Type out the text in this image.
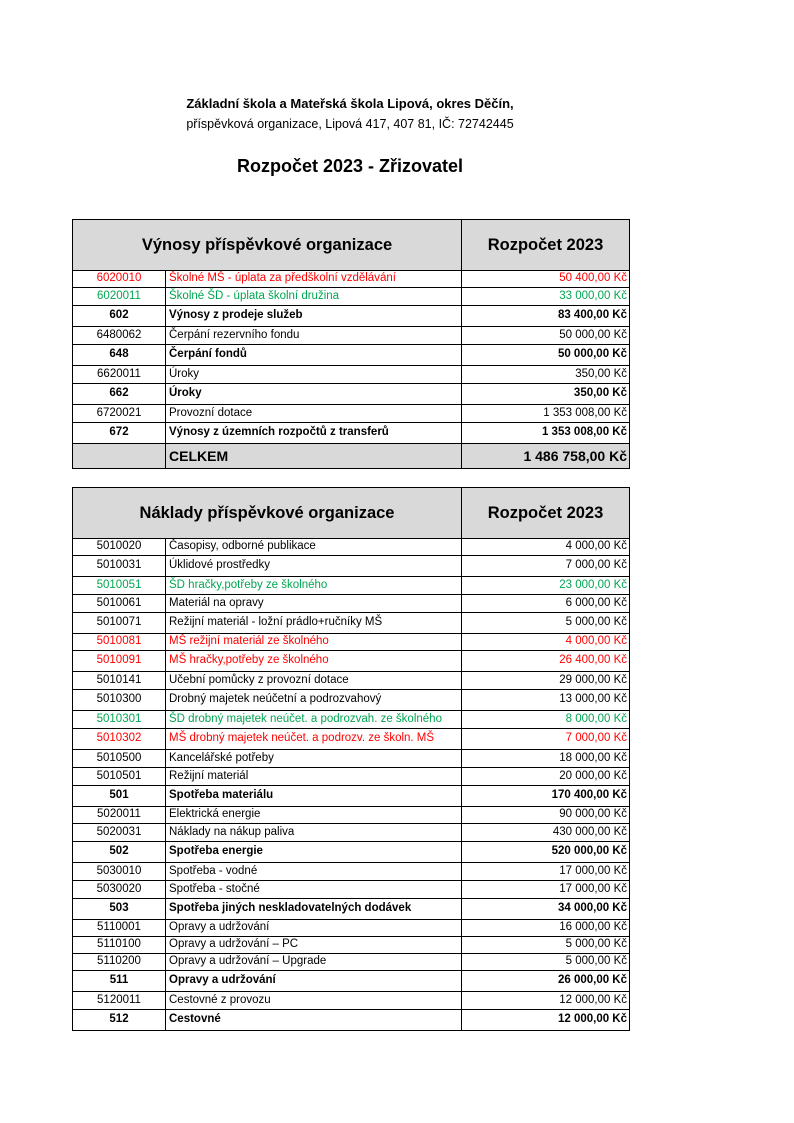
Základní škola a Mateřská škola Lipová, okres Děčín,
příspěvková organizace, Lipová 417, 407 81, IČ: 72742445
Rozpočet 2023 - Zřizovatel
Výnosy příspěvkové organizace		Rozpočet 2023
6020010	Školné MŠ - úplata za předškolní vzdělávání	50 400,00 Kč
6020011	Školné ŠD - úplata školní družina	33 000,00 Kč
602	Výnosy z prodeje služeb	83 400,00 Kč
6480062	Čerpání rezervního fondu	50 000,00 Kč
648	Čerpání fondů	50 000,00 Kč
6620011	Úroky	350,00 Kč
662	Úroky	350,00 Kč
6720021	Provozní dotace	1 353 008,00 Kč
672	Výnosy z územních rozpočtů z transferů	1 353 008,00 Kč
	CELKEM	1 486 758,00 Kč
Náklady příspěvkové organizace		Rozpočet 2023
5010020	Časopisy, odborné publikace	4 000,00 Kč
5010031	Úklidové prostředky	7 000,00 Kč
5010051	ŠD hračky,potřeby ze školného	23 000,00 Kč
5010061	Materiál na opravy	6 000,00 Kč
5010071	Režijní materiál - ložní prádlo+ručníky MŠ	5 000,00 Kč
5010081	MŠ režijní materiál ze školného	4 000,00 Kč
5010091	MŠ hračky,potřeby ze školného	26 400,00 Kč
5010141	Učební pomůcky z provozní dotace	29 000,00 Kč
5010300	Drobný majetek neúčetní a podrozvahový	13 000,00 Kč
5010301	ŠD drobný majetek neúčet. a podrozvah. ze školného	8 000,00 Kč
5010302	MŠ drobný majetek neúčet. a podrozv. ze školn. MŠ	7 000,00 Kč
5010500	Kancelářské potřeby	18 000,00 Kč
5010501	Režijní materiál	20 000,00 Kč
501	Spotřeba materiálu	170 400,00 Kč
5020011	Elektrická energie	90 000,00 Kč
5020031	Náklady na nákup paliva	430 000,00 Kč
502	Spotřeba energie	520 000,00 Kč
5030010	Spotřeba - vodné	17 000,00 Kč
5030020	Spotřeba - stočné	17 000,00 Kč
503	Spotřeba jiných neskladovatelných dodávek	34 000,00 Kč
5110001	Opravy a udržování	16 000,00 Kč
5110100	Opravy a udržování – PC	5 000,00 Kč
5110200	Opravy a udržování – Upgrade	5 000,00 Kč
511	Opravy a udržování	26 000,00 Kč
5120011	Cestovné z provozu	12 000,00 Kč
512	Cestovné	12 000,00 Kč
